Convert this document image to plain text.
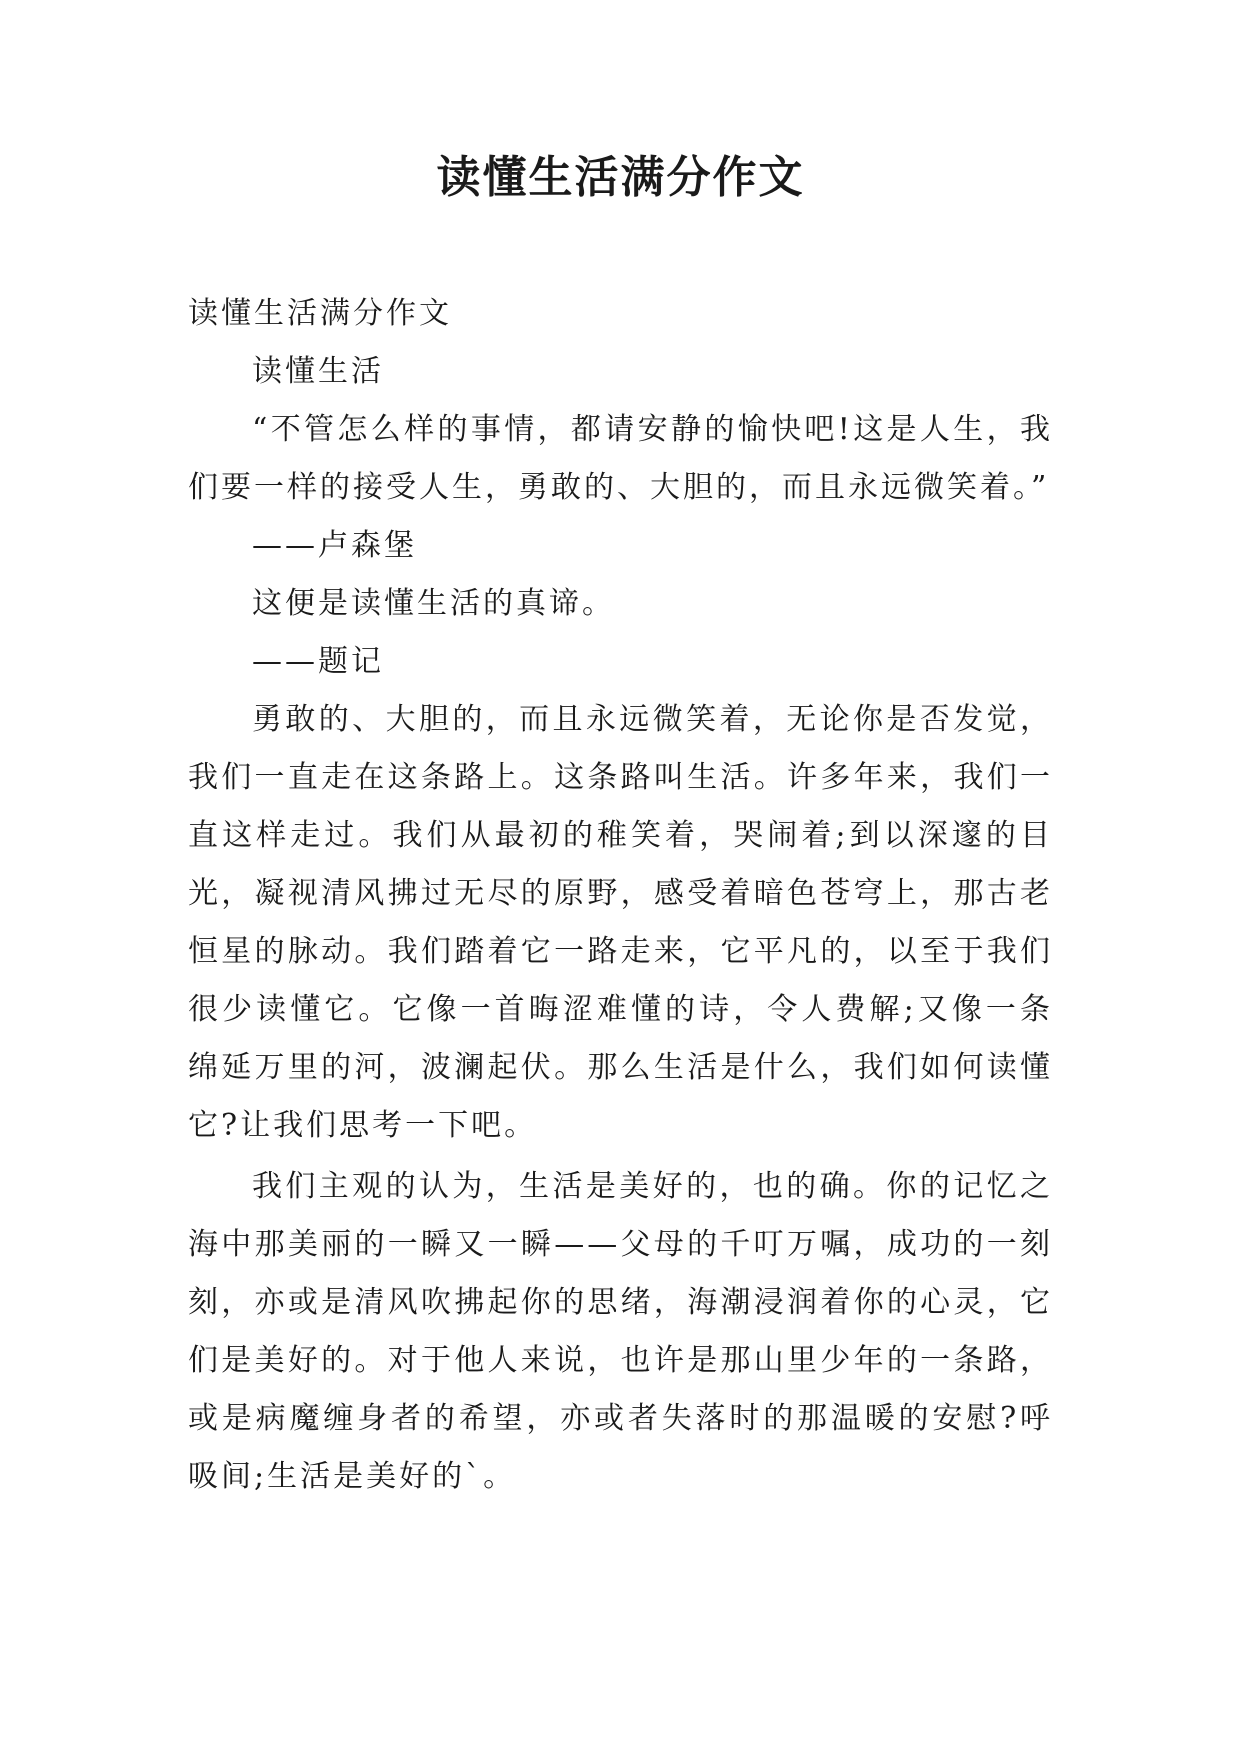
读懂生活满分作文

读懂生活满分作文

读懂生活

“不管怎么样的事情，都请安静的愉快吧!这是人生，我们要一样的接受人生，勇敢的、大胆的，而且永远微笑着。”

——卢森堡

这便是读懂生活的真谛。

——题记

勇敢的、大胆的，而且永远微笑着，无论你是否发觉，我们一直走在这条路上。这条路叫生活。许多年来，我们一直这样走过。我们从最初的稚笑着，哭闹着;到以深邃的目光，凝视清风拂过无尽的原野，感受着暗色苍穹上，那古老恒星的脉动。我们踏着它一路走来，它平凡的，以至于我们很少读懂它。它像一首晦涩难懂的诗，令人费解;又像一条绵延万里的河，波澜起伏。那么生活是什么，我们如何读懂它?让我们思考一下吧。

我们主观的认为，生活是美好的，也的确。你的记忆之海中那美丽的一瞬又一瞬——父母的千叮万嘱，成功的一刻刻，亦或是清风吹拂起你的思绪，海潮浸润着你的心灵，它们是美好的。对于他人来说，也许是那山里少年的一条路，或是病魔缠身者的希望，亦或者失落时的那温暖的安慰?呼吸间;生活是美好的`。
